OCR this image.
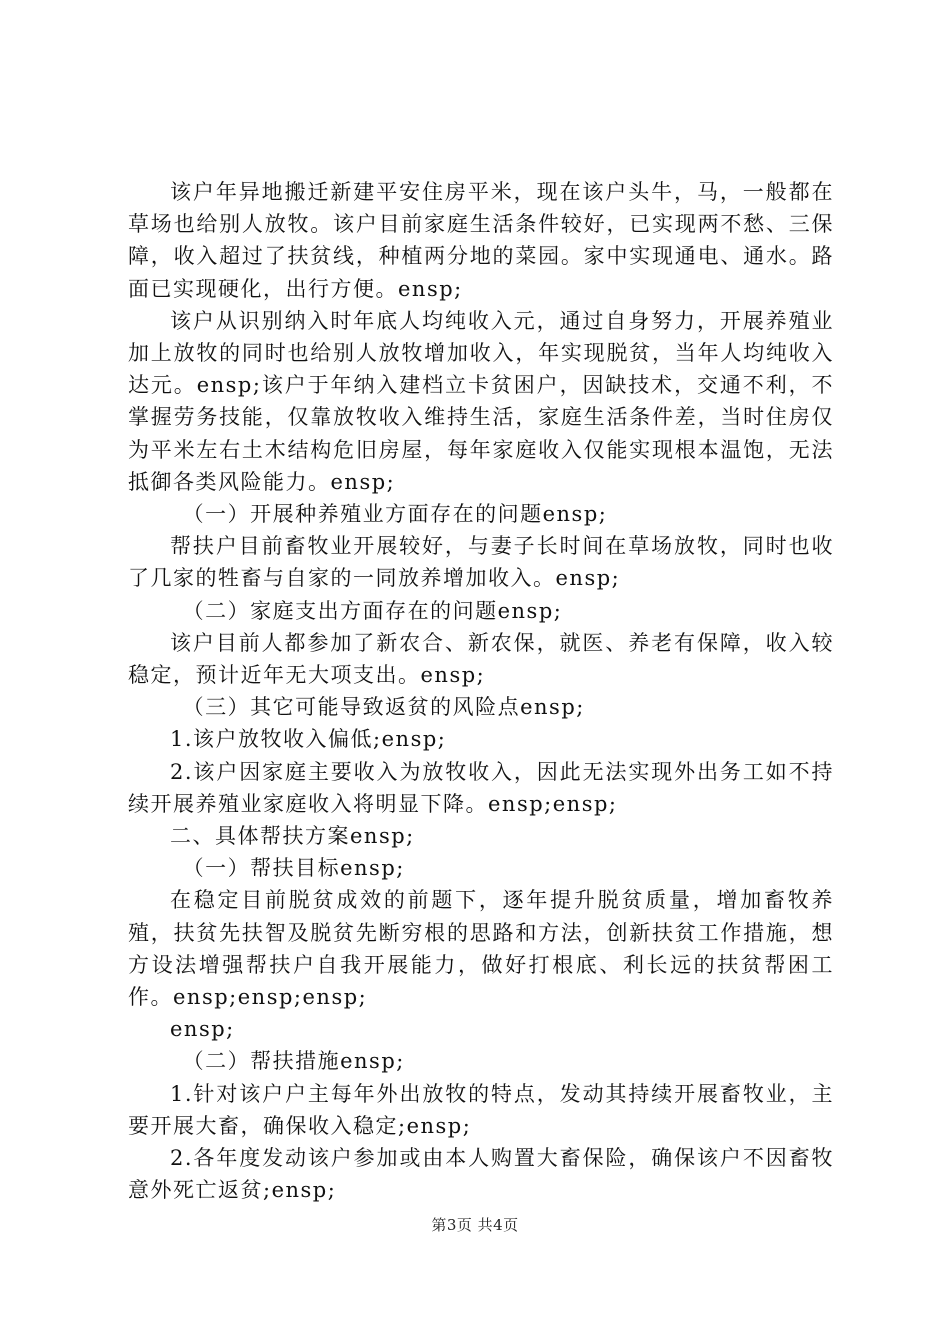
该户年异地搬迁新建平安住房平米，现在该户头牛，马，一般都在草场也给别人放牧。该户目前家庭生活条件较好，已实现两不愁、三保障，收入超过了扶贫线，种植两分地的菜园。家中实现通电、通水。路面已实现硬化，出行方便。ensp;

该户从识别纳入时年底人均纯收入元，通过自身努力，开展养殖业加上放牧的同时也给别人放牧增加收入，年实现脱贫，当年人均纯收入达元。ensp;该户于年纳入建档立卡贫困户，因缺技术，交通不利，不掌握劳务技能，仅靠放牧收入维持生活，家庭生活条件差，当时住房仅为平米左右土木结构危旧房屋，每年家庭收入仅能实现根本温饱，无法抵御各类风险能力。ensp;

（一）开展种养殖业方面存在的问题ensp;

帮扶户目前畜牧业开展较好，与妻子长时间在草场放牧，同时也收了几家的牲畜与自家的一同放养增加收入。ensp;

（二）家庭支出方面存在的问题ensp;

该户目前人都参加了新农合、新农保，就医、养老有保障，收入较稳定，预计近年无大项支出。ensp;

（三）其它可能导致返贫的风险点ensp;

1.该户放牧收入偏低;ensp;

2.该户因家庭主要收入为放牧收入，因此无法实现外出务工如不持续开展养殖业家庭收入将明显下降。ensp;ensp;

二、具体帮扶方案ensp;

（一）帮扶目标ensp;

在稳定目前脱贫成效的前题下，逐年提升脱贫质量，增加畜牧养殖，扶贫先扶智及脱贫先断穷根的思路和方法，创新扶贫工作措施，想方设法增强帮扶户自我开展能力，做好打根底、利长远的扶贫帮困工作。ensp;ensp;ensp;

ensp;

（二）帮扶措施ensp;

1.针对该户户主每年外出放牧的特点，发动其持续开展畜牧业，主要开展大畜，确保收入稳定;ensp;

2.各年度发动该户参加或由本人购置大畜保险，确保该户不因畜牧意外死亡返贫;ensp;

第3页 共4页
